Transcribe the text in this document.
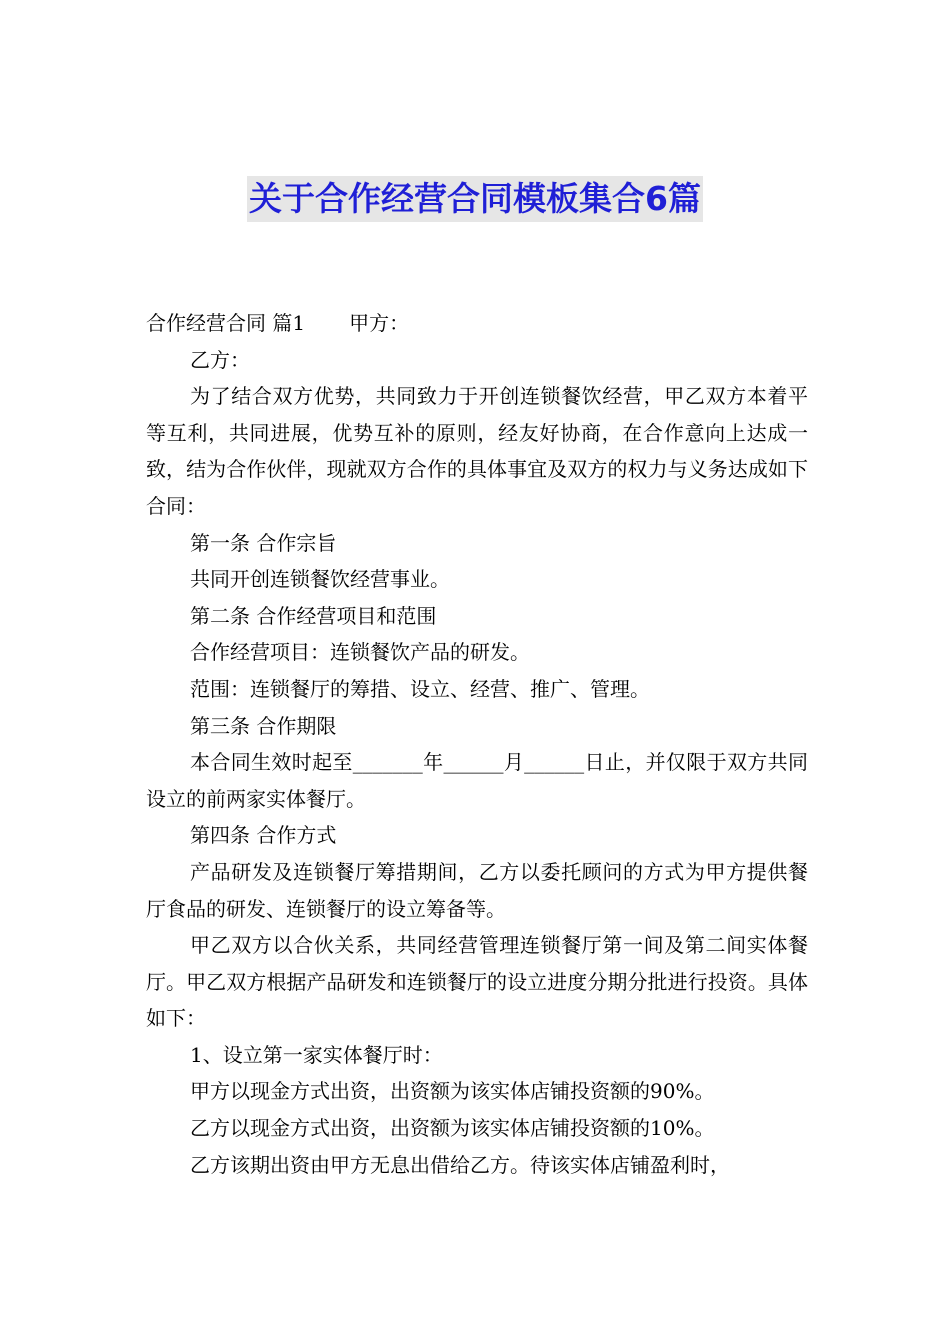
关于合作经营合同模板集合6篇

合作经营合同 篇1 甲方：

乙方：

为了结合双方优势，共同致力于开创连锁餐饮经营，甲乙双方本着平等互利，共同进展，优势互补的原则，经友好协商，在合作意向上达成一致，结为合作伙伴，现就双方合作的具体事宜及双方的权力与义务达成如下合同：

第一条 合作宗旨

共同开创连锁餐饮经营事业。

第二条 合作经营项目和范围

合作经营项目：连锁餐饮产品的研发。

范围：连锁餐厅的筹措、设立、经营、推广、管理。

第三条 合作期限

本合同生效时起至_______年______月______日止，并仅限于双方共同设立的前两家实体餐厅。

第四条 合作方式

产品研发及连锁餐厅筹措期间，乙方以委托顾问的方式为甲方提供餐厅食品的研发、连锁餐厅的设立筹备等。

甲乙双方以合伙关系，共同经营管理连锁餐厅第一间及第二间实体餐厅。甲乙双方根据产品研发和连锁餐厅的设立进度分期分批进行投资。具体如下：

1、设立第一家实体餐厅时：

甲方以现金方式出资，出资额为该实体店铺投资额的90%。

乙方以现金方式出资，出资额为该实体店铺投资额的10%。

乙方该期出资由甲方无息出借给乙方。待该实体店铺盈利时，
